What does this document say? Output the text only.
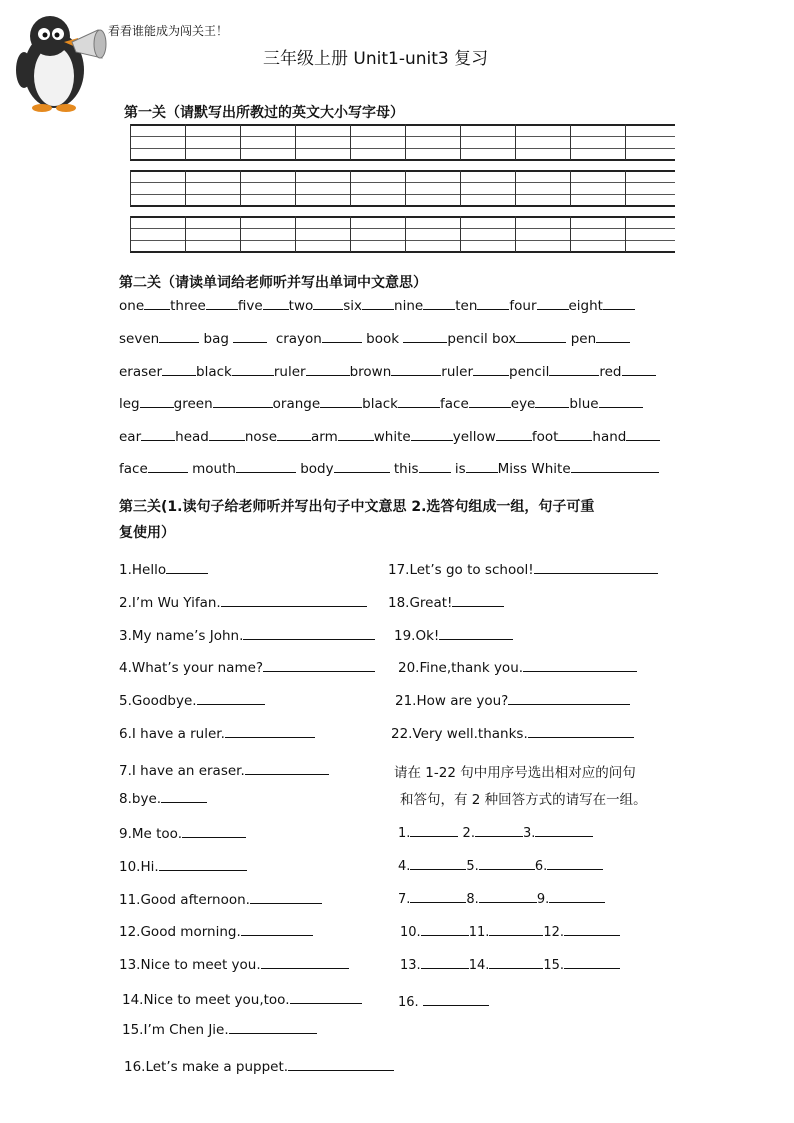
看看谁能成为闯关王！
三年级上册 Unit1-unit3 复习
第一关（请默写出所教过的英文大小写字母）
第二关（请读单词给老师听并写出单词中文意思）
one three five two six nine ten four eight
seven	bag	crayon	book	pencil box	pen
eraser	black	ruler	brown	ruler	pencil	red
leg	green	orange	black	face	eye	blue
ear	head	nose	arm	white	yellow	foot	hand
face	mouth	body	this	is Miss White
第三关(1.读句子给老师听并写出句子中文意思 2.选答句组成一组，句子可重
复使用）
1.Hello
2.I’m Wu Yifan.
3.My name’s John.
4.What’s your name?
5.Goodbye.
6.I have a ruler.
7.I have an eraser.
8.bye.
9.Me too.
10.Hi.
11.Good afternoon.
12.Good morning.
13.Nice to meet you.
14.Nice to meet you,too.
15.I’m Chen Jie.
16.Let’s make a puppet.
17.Let’s go to school!
18.Great!
19.Ok!
20.Fine,thank you.
21.How are you?
22.Very well.thanks.
请在 1-22 句中用序号选出相对应的问句
和答句，有 2 种回答方式的请写在一组。
1.	2.	3.
4.	5.	6.
7.	8.	9.
10.	11.	12.
13.	14.	15.
16.
